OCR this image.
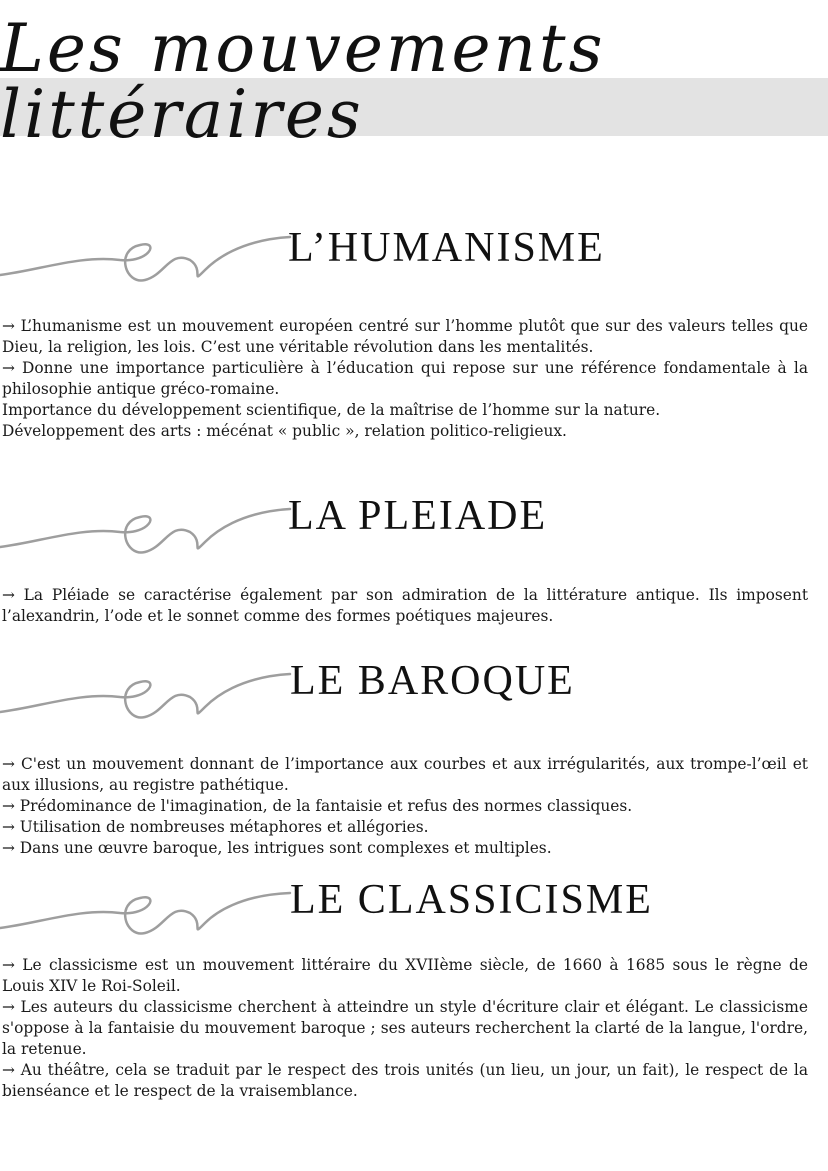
Les mouvements littéraires
L’HUMANISME

→ L’humanisme est un mouvement européen centré sur l’homme plutôt que sur des valeurs telles que Dieu, la religion, les lois. C’est une véritable révolution dans les mentalités.
→ Donne une importance particulière à l’éducation qui repose sur une référence fondamentale à la philosophie antique gréco-romaine.
Importance du développement scientifique, de la maîtrise de l’homme sur la nature.
Développement des arts : mécénat « public », relation politico-religieux.

LA PLEIADE

→ La Pléiade se caractérise également par son admiration de la littérature antique. Ils imposent l’alexandrin, l’ode et le sonnet comme des formes poétiques majeures.

LE BAROQUE

→ C'est un mouvement donnant de l’importance aux courbes et aux irrégularités, aux trompe-l’œil et aux illusions, au registre pathétique.
→ Prédominance de l'imagination, de la fantaisie et refus des normes classiques.
→ Utilisation de nombreuses métaphores et allégories.
→ Dans une œuvre baroque, les intrigues sont complexes et multiples.

LE CLASSICISME

→ Le classicisme est un mouvement littéraire du XVIIème siècle, de 1660 à 1685 sous le règne de Louis XIV le Roi-Soleil.
→ Les auteurs du classicisme cherchent à atteindre un style d'écriture clair et élégant. Le classicisme s'oppose à la fantaisie du mouvement baroque ; ses auteurs recherchent la clarté de la langue, l'ordre, la retenue.
→ Au théâtre, cela se traduit par le respect des trois unités (un lieu, un jour, un fait), le respect de la bienséance et le respect de la vraisemblance.
